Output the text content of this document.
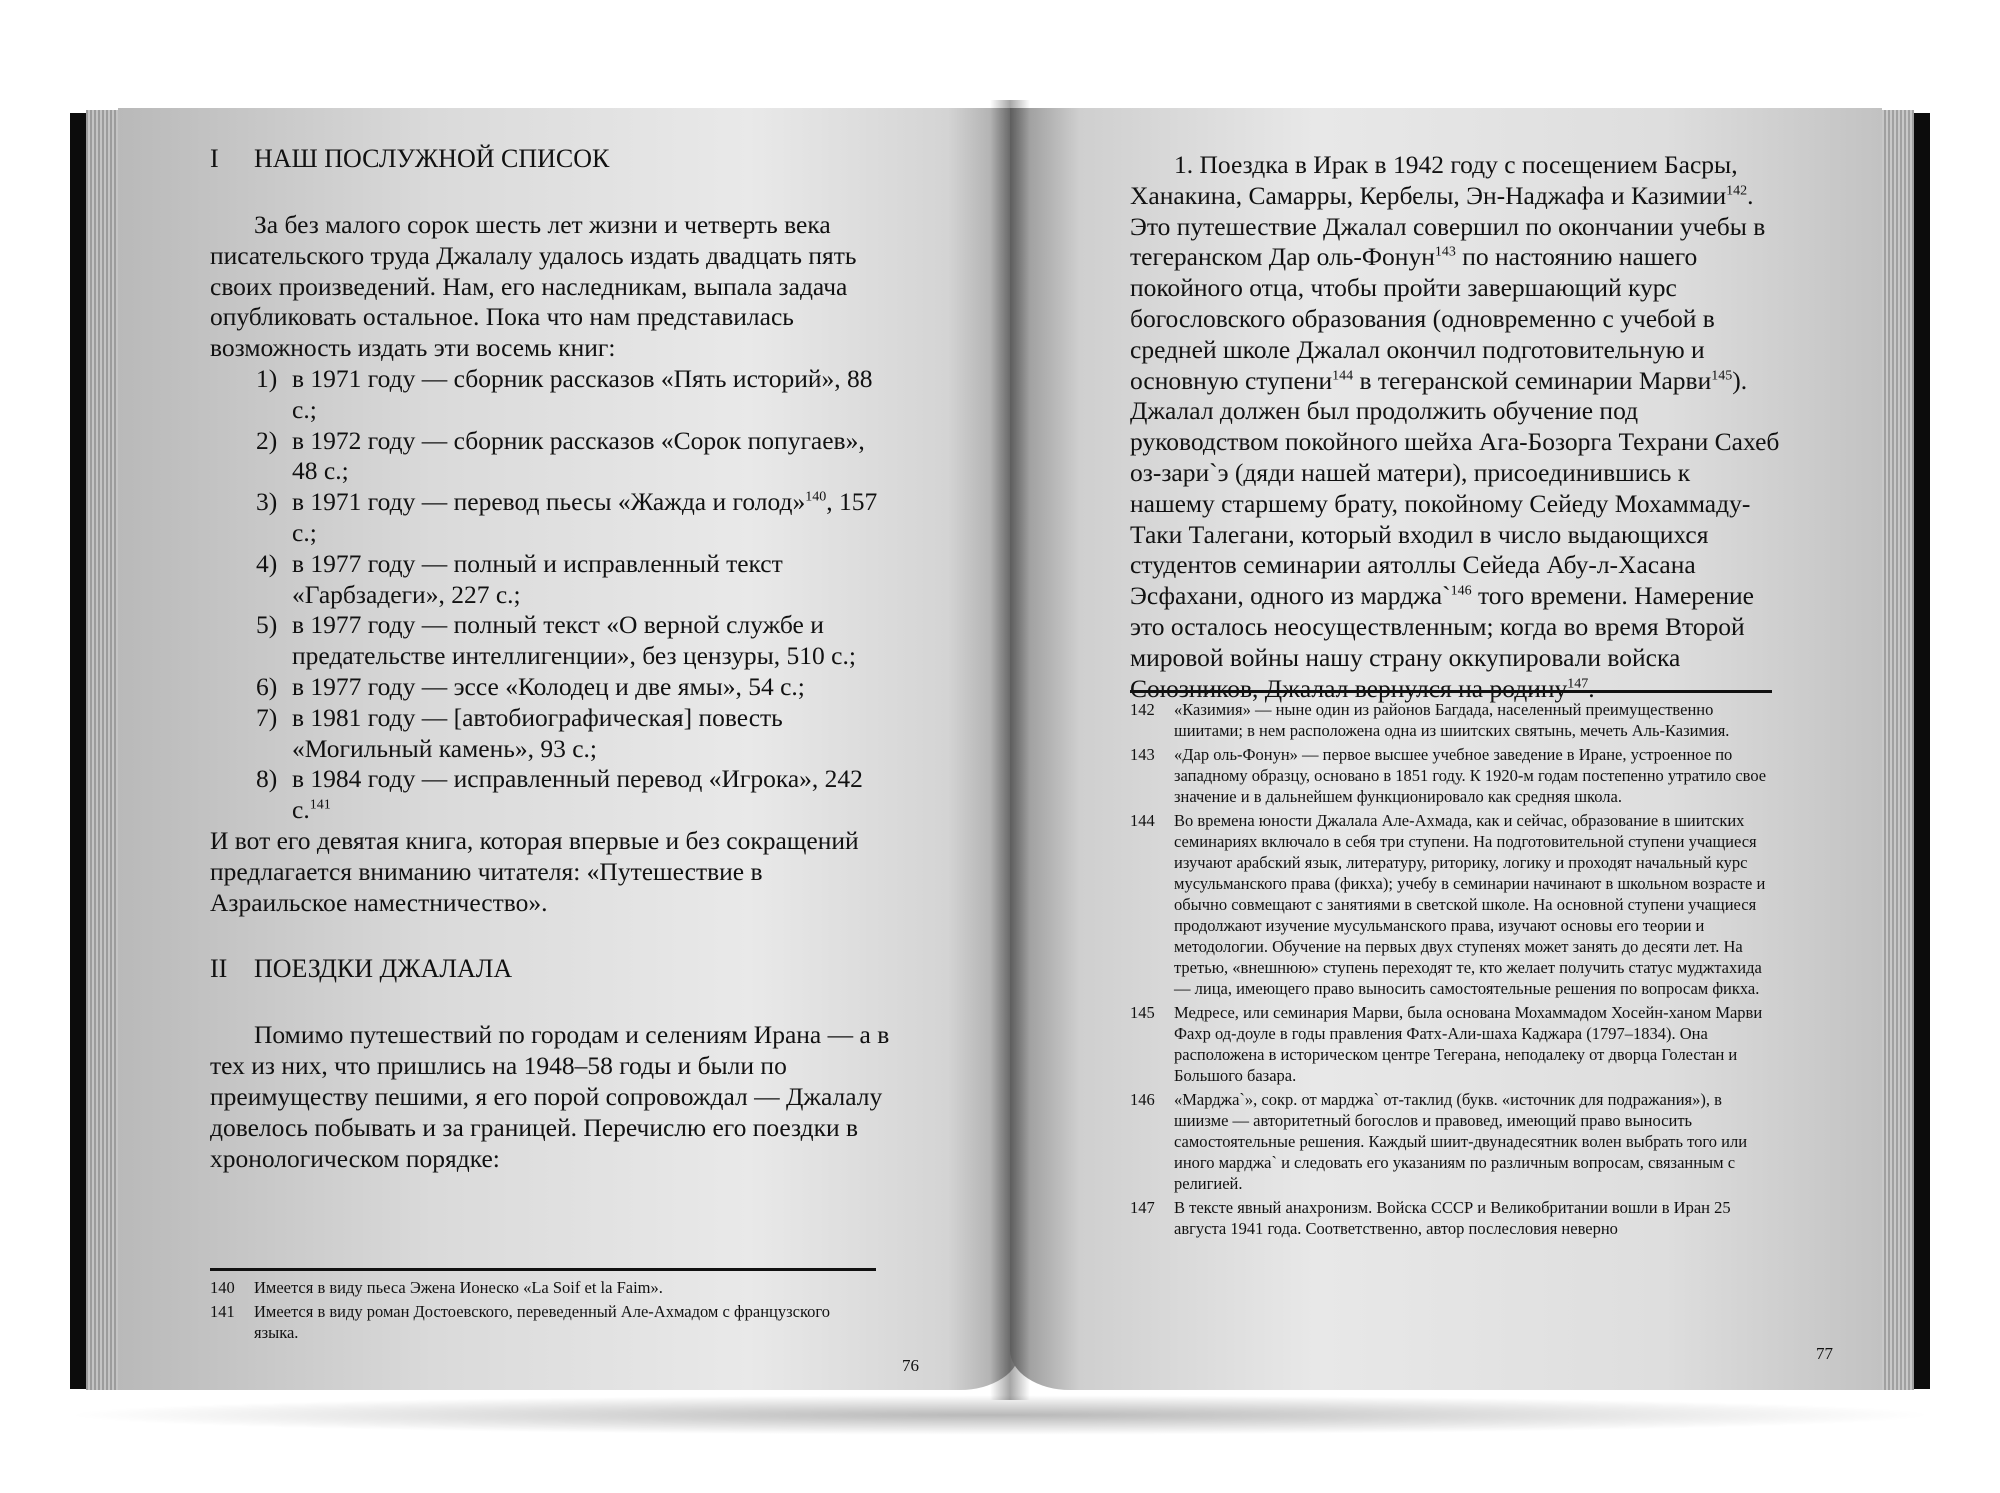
I	НАШ ПОСЛУЖНОЙ СПИСОК

За без малого сорок шесть лет жизни и четверть века писательского труда Джалалу удалось издать двадцать пять своих произведений. Нам, его наследникам, выпала задача опубликовать остальное. Пока что нам представилась возможность издать эти восемь книг:

1) в 1971 году — сборник рассказов «Пять историй», 88 с.;
2) в 1972 году — сборник рассказов «Сорок попугаев», 48 с.;
3) в 1971 году — перевод пьесы «Жажда и голод»$^{140}$, 157 с.;
4) в 1977 году — полный и исправленный текст «Гарбзадеги», 227 с.;
5) в 1977 году — полный текст «О верной службе и предательстве интеллигенции», без цензуры, 510 с.;
6) в 1977 году — эссе «Колодец и две ямы», 54 с.;
7) в 1981 году — [автобиографическая] повесть «Могильный камень», 93 с.;
8) в 1984 году — исправленный перевод «Игрока», 242 с.$^{141}$

И вот его девятая книга, которая впервые и без сокращений предлагается вниманию читателя: «Путешествие в Азраильское наместничество».

II	ПОЕЗДКИ ДЖАЛАЛА

Помимо путешествий по городам и селениям Ирана — а в тех из них, что пришлись на 1948–58 годы и были по преимуществу пешими, я его порой сопровождал — Джалалу довелось побывать и за границей. Перечислю его поездки в хронологическом порядке:

140	Имеется в виду пьеса Эжена Ионеско «La Soif et la Faim».
141	Имеется в виду роман Достоевского, переведенный Але-Ахмадом с французского языка.
76

1. Поездка в Ирак в 1942 году с посещением Басры, Ханакина, Самарры, Кербелы, Эн-Наджафа и Казимии$^{142}$. Это путешествие Джалал совершил по окончании учебы в тегеранском Дар оль-Фонун$^{143}$ по настоянию нашего покойного отца, чтобы пройти завершающий курс богословского образования (одновременно с учебой в средней школе Джалал окончил подготовительную и основную ступени$^{144}$ в тегеранской семинарии Марви$^{145}$). Джалал должен был продолжить обучение под руководством покойного шейха Ага-Бозорга Техрани Сахеб оз-зари`э (дяди нашей матери), присоединившись к нашему старшему брату, покойному Сейеду Мохаммаду-Таки Талегани, который входил в число выдающихся студентов семинарии аятоллы Сейеда Абу-л-Хасана Эсфахани, одного из марджа`$^{146}$ того времени. Намерение это осталось неосуществленным; когда во время Второй мировой войны нашу страну оккупировали войска Союзников, Джалал вернулся на родину$^{147}$.

142	«Казимия» — ныне один из районов Багдада, населенный преимущественно шиитами; в нем расположена одна из шиитских святынь, мечеть Аль-Казимия.
143	«Дар оль-Фонун» — первое высшее учебное заведение в Иране, устроенное по западному образцу, основано в 1851 году. К 1920-м годам постепенно утратило свое значение и в дальнейшем функционировало как средняя школа.
144	Во времена юности Джалала Але-Ахмада, как и сейчас, образование в шиитских семинариях включало в себя три ступени. На подготовительной ступени учащиеся изучают арабский язык, литературу, риторику, логику и проходят начальный курс мусульманского права (фикха); учебу в семинарии начинают в школьном возрасте и обычно совмещают с занятиями в светской школе. На основной ступени учащиеся продолжают изучение мусульманского права, изучают основы его теории и методологии. Обучение на первых двух ступенях может занять до десяти лет. На третью, «внешнюю» ступень переходят те, кто желает получить статус муджтахида — лица, имеющего право выносить самостоятельные решения по вопросам фикха.
145	Медресе, или семинария Марви, была основана Мохаммадом Хосейн-ханом Марви Фахр од-доуле в годы правления Фатх-Али-шаха Каджара (1797–1834). Она расположена в историческом центре Тегерана, неподалеку от дворца Голестан и Большого базара.
146	«Марджа`», сокр. от марджа` от-таклид (букв. «источник для подражания»), в шиизме — авторитетный богослов и правовед, имеющий право выносить самостоятельные решения. Каждый шиит-двунадесятник волен выбрать того или иного марджа` и следовать его указаниям по различным вопросам, связанным с религией.
147	В тексте явный анахронизм. Войска СССР и Великобритании вошли в Иран 25 августа 1941 года. Соответственно, автор послесловия неверно
77
